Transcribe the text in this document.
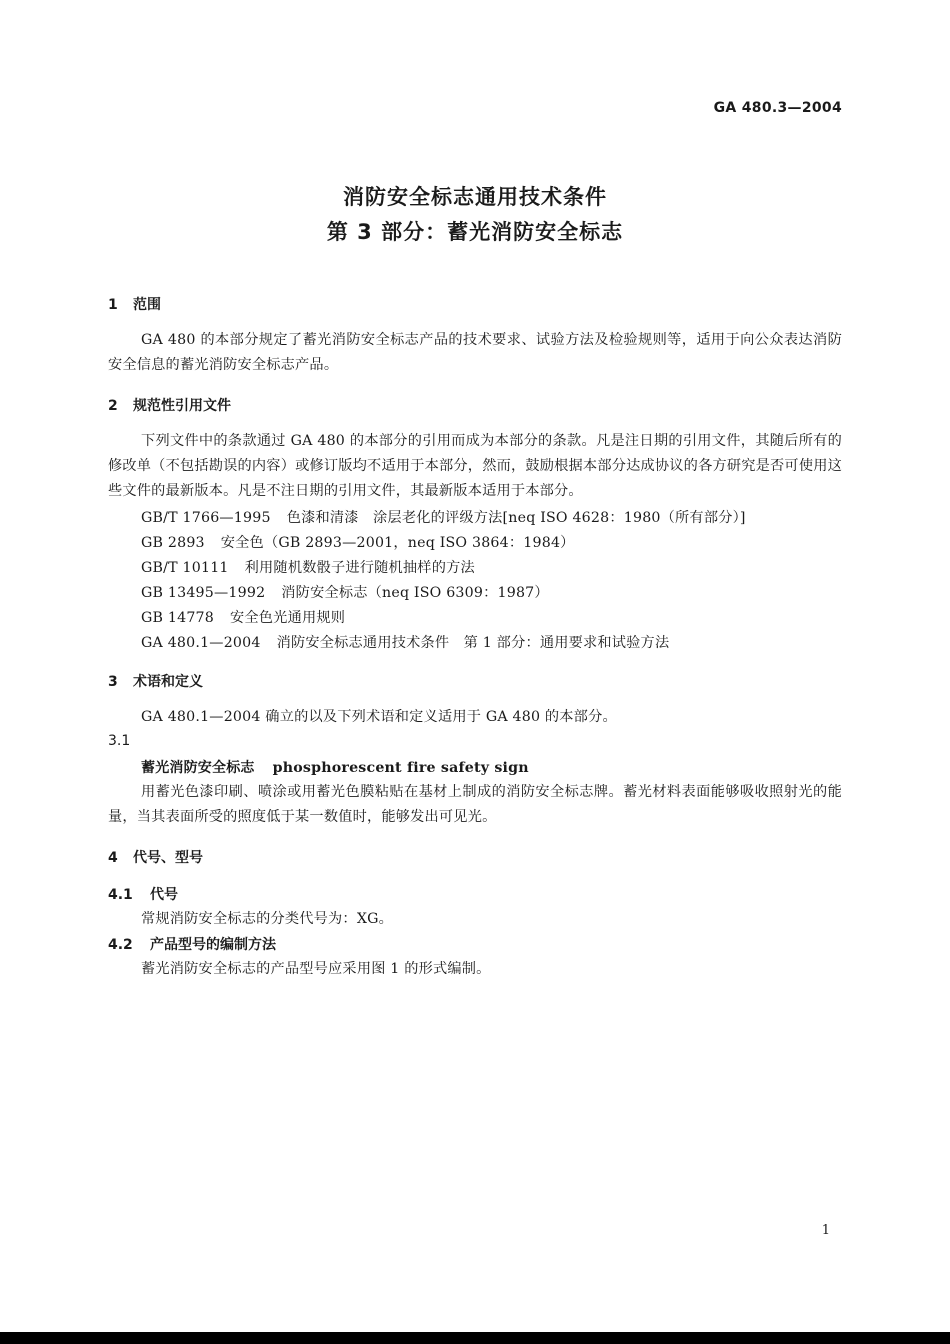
GA 480.3—2004
消防安全标志通用技术条件
第 3 部分：蓄光消防安全标志
1 范围
GA 480 的本部分规定了蓄光消防安全标志产品的技术要求、试验方法及检验规则等，适用于向公众表达消防安全信息的蓄光消防安全标志产品。
2 规范性引用文件
下列文件中的条款通过 GA 480 的本部分的引用而成为本部分的条款。凡是注日期的引用文件，其随后所有的修改单（不包括勘误的内容）或修订版均不适用于本部分，然而，鼓励根据本部分达成协议的各方研究是否可使用这些文件的最新版本。凡是不注日期的引用文件，其最新版本适用于本部分。
GB/T 1766—1995 色漆和清漆　涂层老化的评级方法[neq ISO 4628：1980（所有部分）]
GB 2893 安全色（GB 2893—2001，neq ISO 3864：1984）
GB/T 10111 利用随机数骰子进行随机抽样的方法
GB 13495—1992 消防安全标志（neq ISO 6309：1987）
GB 14778 安全色光通用规则
GA 480.1—2004 消防安全标志通用技术条件　第 1 部分：通用要求和试验方法
3 术语和定义
GA 480.1—2004 确立的以及下列术语和定义适用于 GA 480 的本部分。
3.1
蓄光消防安全标志 phosphorescent fire safety sign
用蓄光色漆印刷、喷涂或用蓄光色膜粘贴在基材上制成的消防安全标志牌。蓄光材料表面能够吸收照射光的能量，当其表面所受的照度低于某一数值时，能够发出可见光。
4 代号、型号
4.1 代号
常规消防安全标志的分类代号为：XG。
4.2 产品型号的编制方法
蓄光消防安全标志的产品型号应采用图 1 的形式编制。
1
